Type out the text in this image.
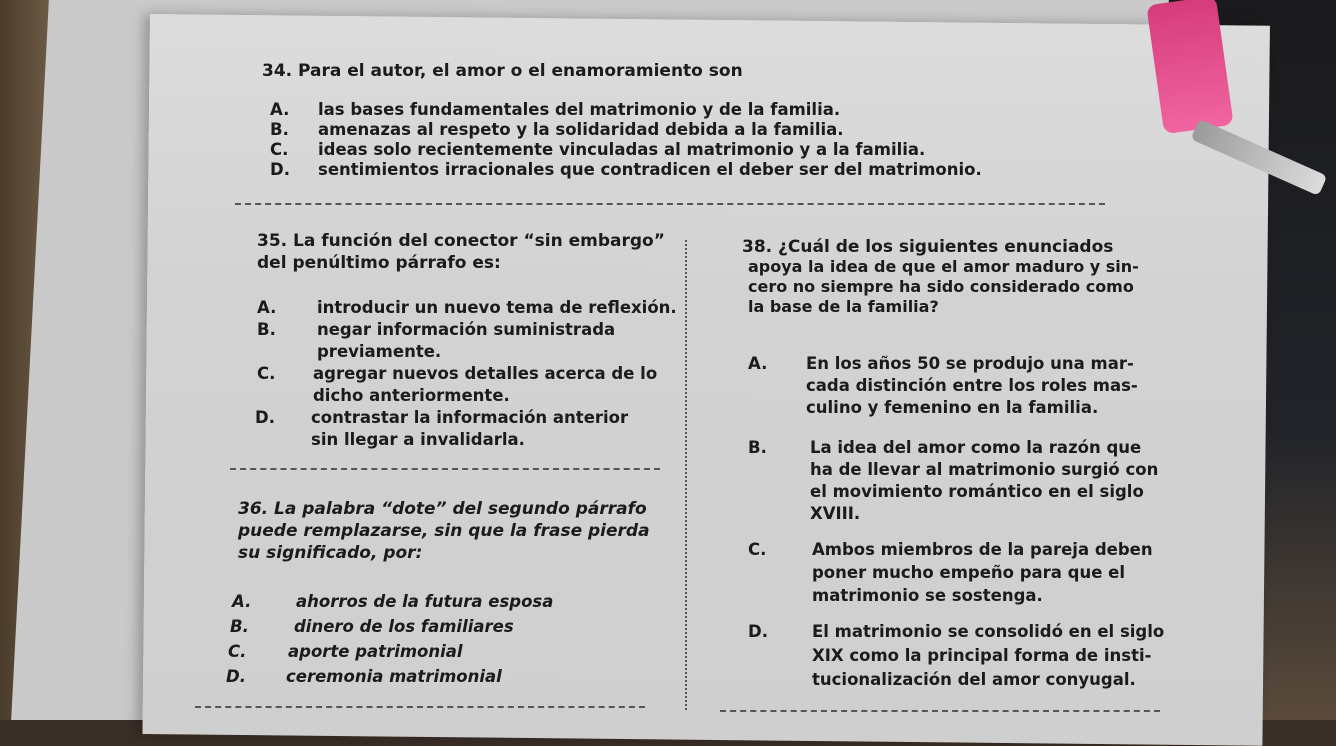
34. Para el autor, el amor o el enamoramiento son
A. las bases fundamentales del matrimonio y de la familia.
B. amenazas al respeto y la solidaridad debida a la familia.
C. ideas solo recientemente vinculadas al matrimonio y a la familia.
D. sentimientos irracionales que contradicen el deber ser del matrimonio.
35. La función del conector “sin embargo”
del penúltimo párrafo es:
A. introducir un nuevo tema de reflexión.
B. negar información suministrada
previamente.
C. agregar nuevos detalles acerca de lo
dicho anteriormente.
D. contrastar la información anterior
sin llegar a invalidarla.
36. La palabra “dote” del segundo párrafo
puede remplazarse, sin que la frase pierda
su significado, por:
A.	ahorros de la futura esposa
B.	dinero de los familiares
C.	aporte patrimonial
D. ceremonia matrimonial
38. ¿Cuál de los siguientes enunciados
apoya la idea de que el amor maduro y sin-
cero no siempre ha sido considerado como
la base de la familia?
A. En los años 50 se produjo una mar-
cada distinción entre los roles mas-
culino y femenino en la familia.
B.	La idea del amor como la razón que
ha de llevar al matrimonio surgió con
el movimiento romántico en el siglo
XVIII.
C.	Ambos miembros de la pareja deben
poner mucho empeño para que el
matrimonio se sostenga.
D.	El matrimonio se consolidó en el siglo
XIX como la principal forma de insti-
tucionalización del amor conyugal.
